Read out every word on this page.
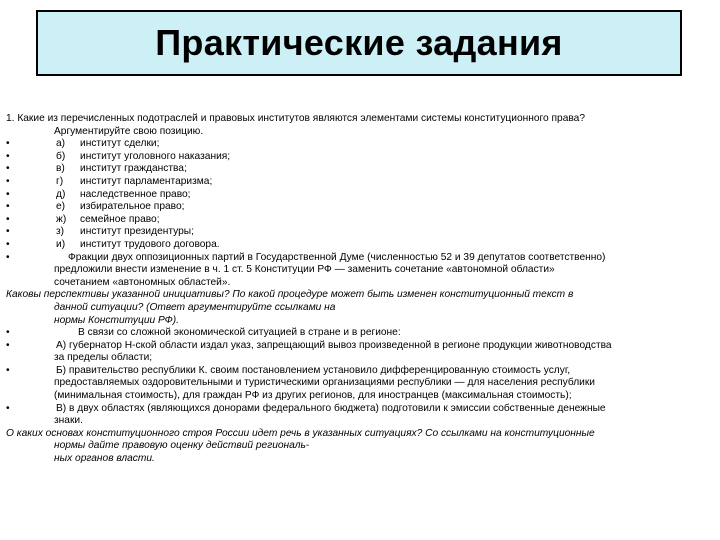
Практические задания

1. Какие из перечисленных подотраслей и правовых институтов являются элементами системы конституционного права?

Аргументируйте свою позицию.

•	а)	институт сделки;
•	б)	институт уголовного наказания;
•	в)	институт гражданства;
•	г)	институт парламентаризма;
•	д)	наследственное право;
•	е)	избирательное право;
•	ж)	семейное право;
•	з)	институт президентуры;
•	и)	институт трудового договора.
•	Фракции двух оппозиционных партий в Государственной Думе (численностью 52 и 39 депутатов соответственно)

предложили внести изменение в ч. 1 ст. 5 Конституции РФ — заменить сочетание «автономной области»

сочетанием «автономных областей».

Каковы перспективы указанной инициативы? По какой процедуре может быть изменен конституционный текст в

данной ситуации? (Ответ аргументируйте ссылками на

нормы Конституции РФ).

•	В связи со сложной экономической ситуацией в стране и в регионе:
•	А) губернатор Н-ской области издал указ, запрещающий вывоз произведенной в регионе продукции животноводства

за пределы области;

•	Б) правительство республики К. своим постановлением установило дифференцированную стоимость услуг,

предоставляемых оздоровительными и туристическими организациями республики — для населения республики

(минимальная стоимость), для граждан РФ из других регионов, для иностранцев (максимальная стоимость);

•	В) в двух областях (являющихся донорами федерального бюджета) подготовили к эмиссии собственные денежные

знаки.

О каких основах конституционного строя России идет речь в указанных ситуациях? Со ссылками на конституционные

нормы дайте правовую оценку действий региональ-

ных органов власти.
